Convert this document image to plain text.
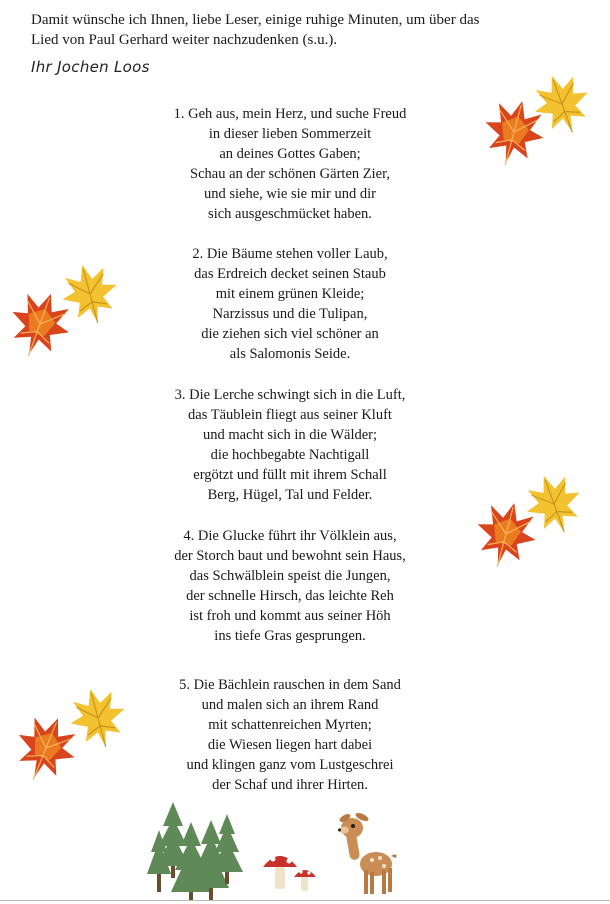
Damit wünsche ich Ihnen, liebe Leser, einige ruhige Minuten, um über das

Lied von Paul Gerhard weiter nachzudenken (s.u.).

Ihr Jochen Loos
1. Geh aus, mein Herz, und suche Freud
in dieser lieben Sommerzeit
an deines Gottes Gaben;
Schau an der schönen Gärten Zier,
und siehe, wie sie mir und dir
sich ausgeschmücket haben.
2. Die Bäume stehen voller Laub,
das Erdreich decket seinen Staub
mit einem grünen Kleide;
Narzissus und die Tulipan,
die ziehen sich viel schöner an
als Salomonis Seide.
3. Die Lerche schwingt sich in die Luft,
das Täublein fliegt aus seiner Kluft
und macht sich in die Wälder;
die hochbegabte Nachtigall
ergötzt und füllt mit ihrem Schall
Berg, Hügel, Tal und Felder.
4. Die Glucke führt ihr Völklein aus,
der Storch baut und bewohnt sein Haus,
das Schwälblein speist die Jungen,
der schnelle Hirsch, das leichte Reh
ist froh und kommt aus seiner Höh
ins tiefe Gras gesprungen.
5. Die Bächlein rauschen in dem Sand
und malen sich an ihrem Rand
mit schattenreichen Myrten;
die Wiesen liegen hart dabei
und klingen ganz vom Lustgeschrei
der Schaf und ihrer Hirten.
